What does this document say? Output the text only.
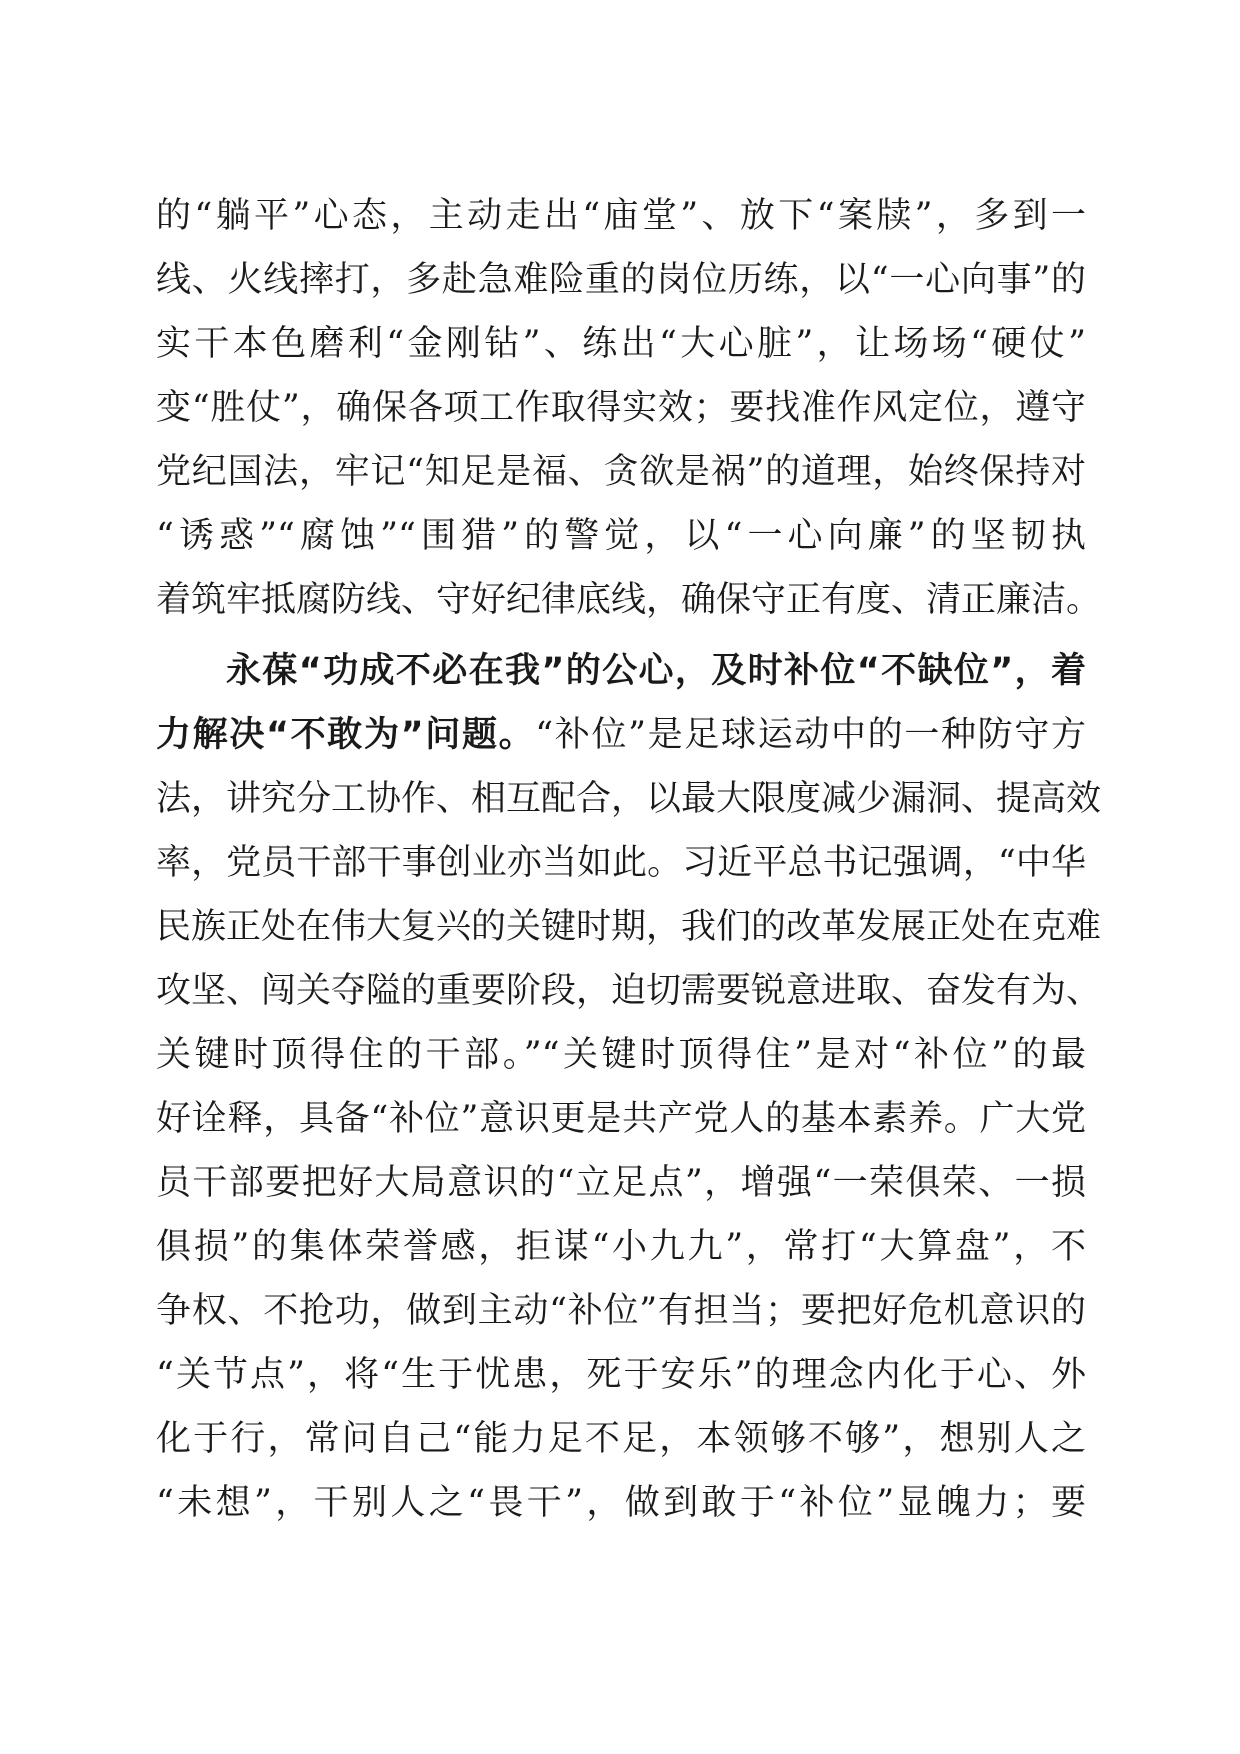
的“躺平”心态，主动走出“庙堂”、放下“案牍”，多到一
线、火线摔打，多赴急难险重的岗位历练，以“一心向事”的
实干本色磨利“金刚钻”、练出“大心脏”，让场场“硬仗”
变“胜仗”，确保各项工作取得实效；要找准作风定位，遵守
党纪国法，牢记“知足是福、贪欲是祸”的道理，始终保持对
“诱惑”“腐蚀”“围猎”的警觉，以“一心向廉”的坚韧执
着筑牢抵腐防线、守好纪律底线，确保守正有度、清正廉洁。
永葆“功成不必在我”的公心，及时补位“不缺位”，着
力解决“不敢为”问题。“补位”是足球运动中的一种防守方
法，讲究分工协作、相互配合，以最大限度减少漏洞、提高效
率，党员干部干事创业亦当如此。习近平总书记强调，“中华
民族正处在伟大复兴的关键时期，我们的改革发展正处在克难
攻坚、闯关夺隘的重要阶段，迫切需要锐意进取、奋发有为、
关键时顶得住的干部。”“关键时顶得住”是对“补位”的最
好诠释，具备“补位”意识更是共产党人的基本素养。广大党
员干部要把好大局意识的“立足点”，增强“一荣俱荣、一损
俱损”的集体荣誉感，拒谋“小九九”，常打“大算盘”，不
争权、不抢功，做到主动“补位”有担当；要把好危机意识的
“关节点”，将“生于忧患，死于安乐”的理念内化于心、外
化于行，常问自己“能力足不足，本领够不够”，想别人之
“未想”，干别人之“畏干”，做到敢于“补位”显魄力；要
